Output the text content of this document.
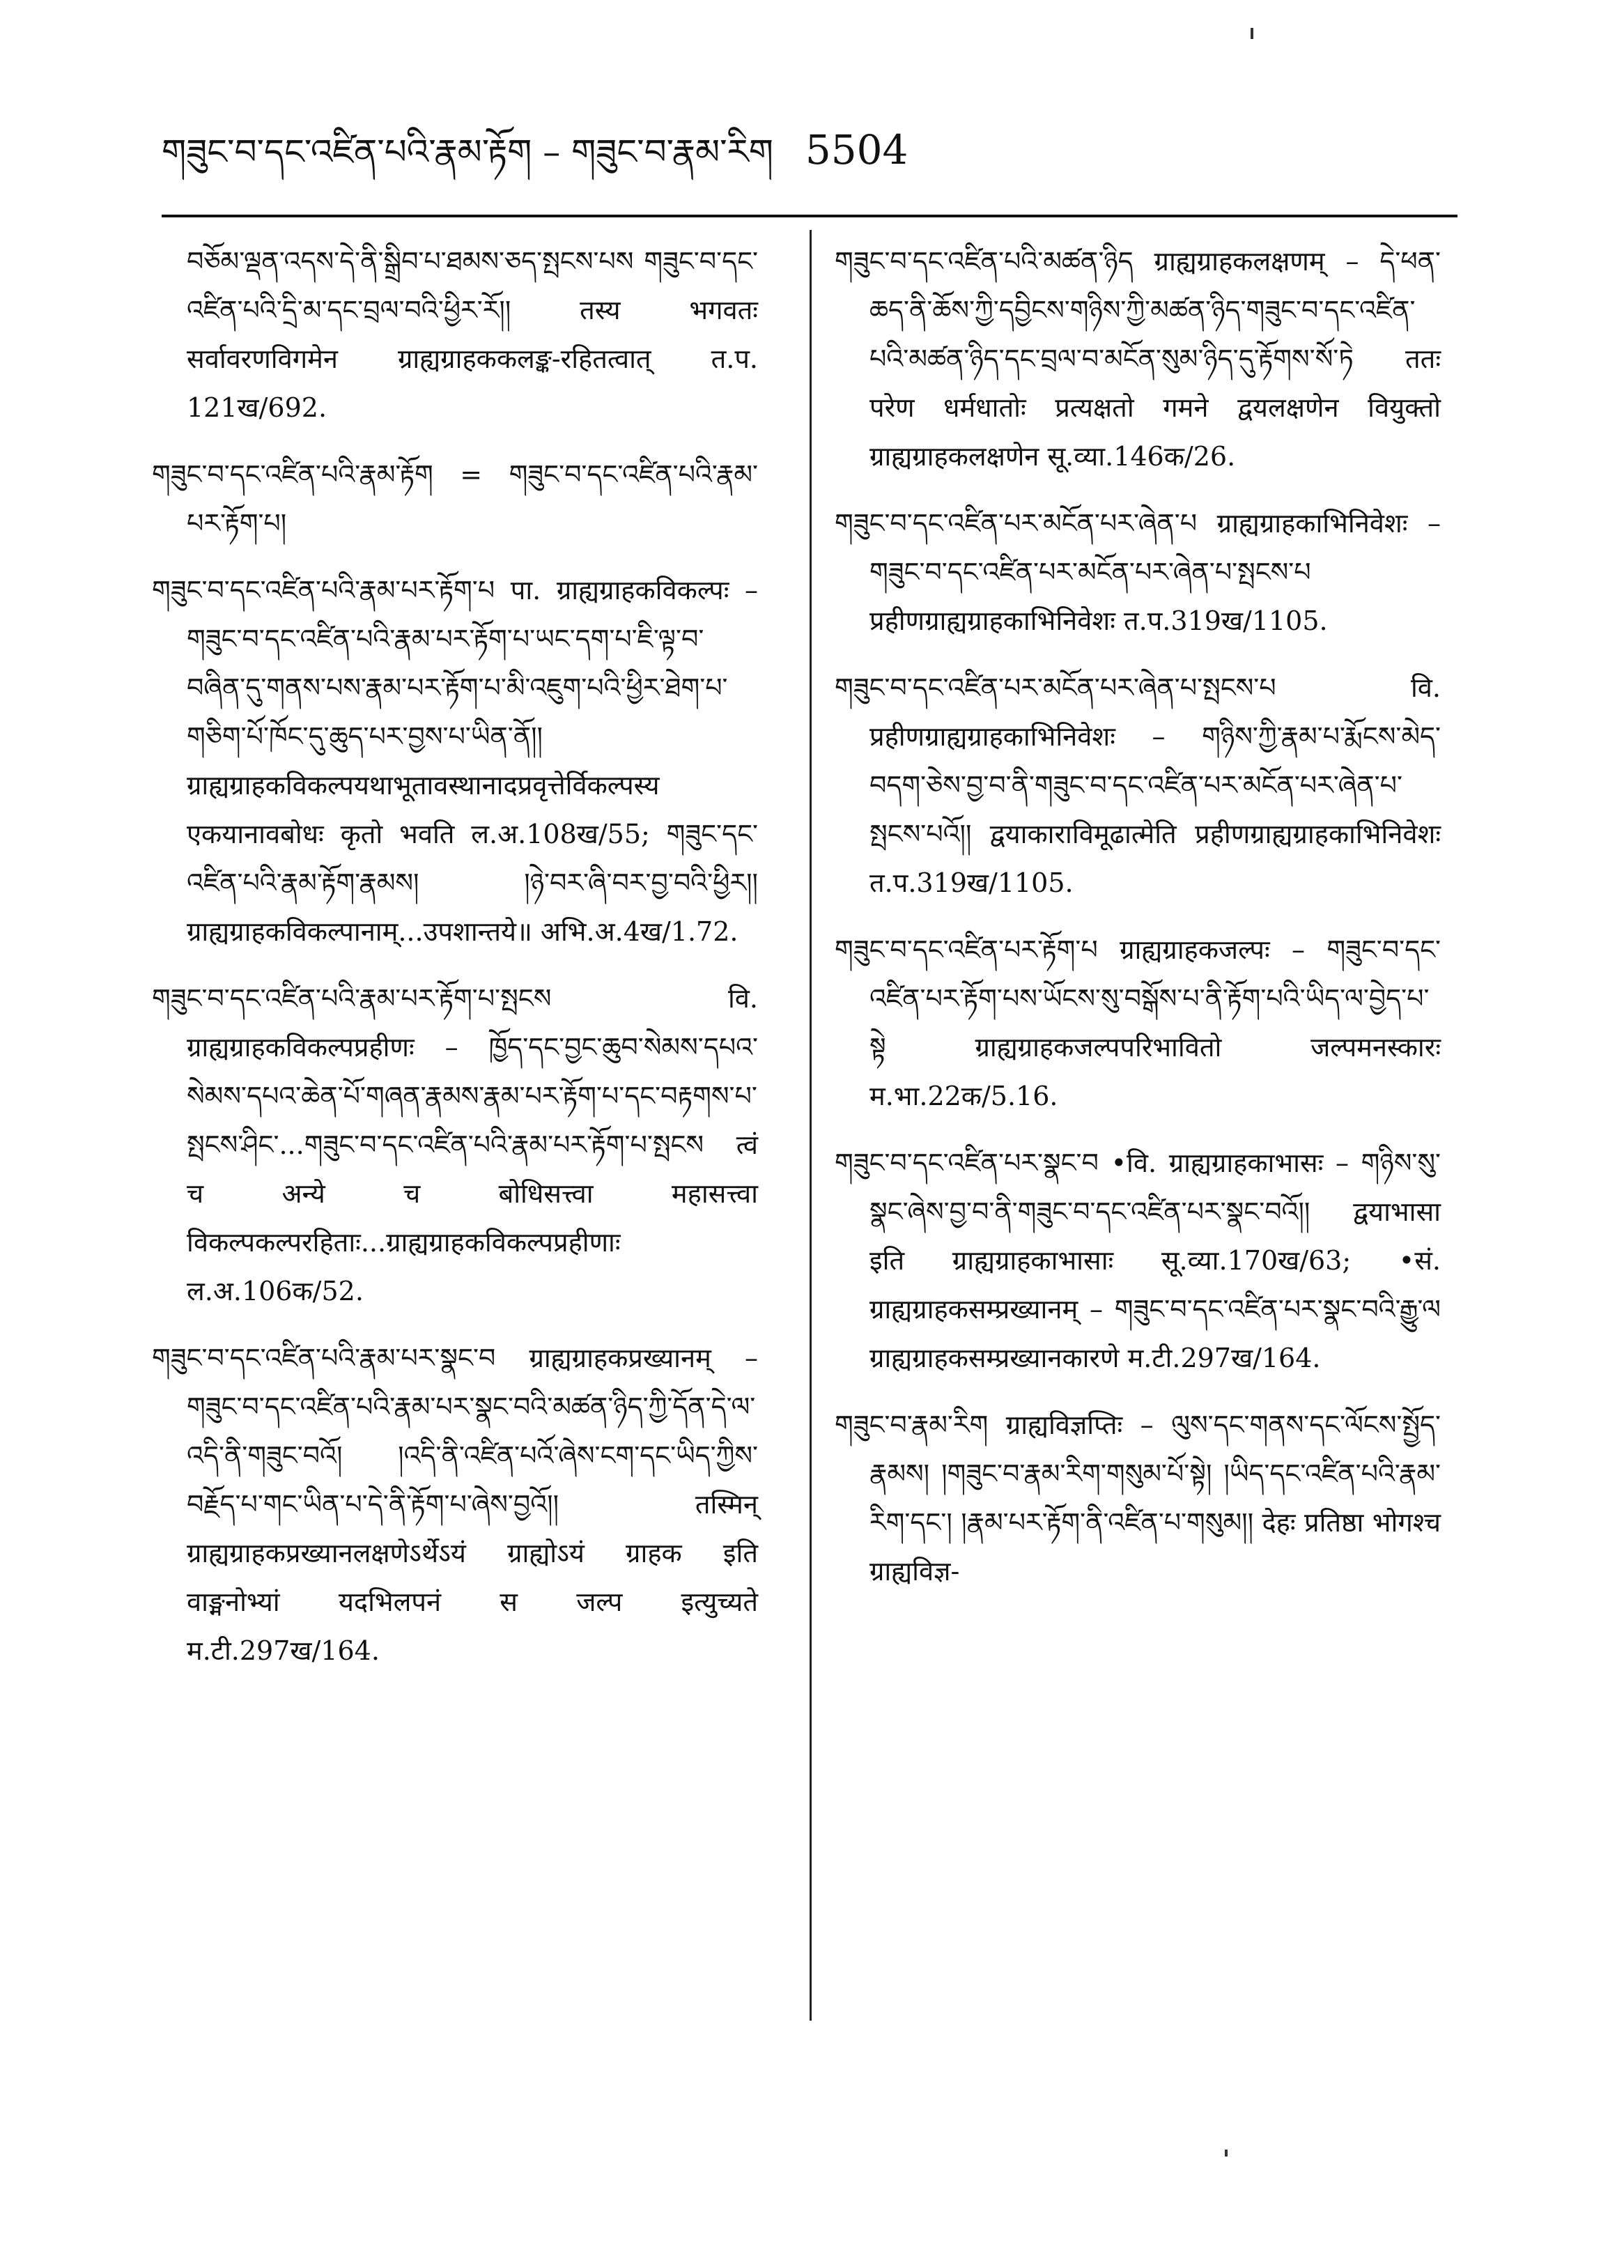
གཟུང་བ་དང་འཛིན་པའི་རྣམ་རྟོག – གཟུང་བ་རྣམ་རིག 5504

བཅོམ་ལྡན་འདས་དེ་ནི་སྒྲིབ་པ་ཐམས་ཅད་སྤངས་པས གཟུང་བ་དང་འཛིན་པའི་དྲི་མ་དང་བྲལ་བའི་ཕྱིར་རོ།། तस्य भगवतः सर्वावरणविगमेन ग्राह्यग्राहककलङ्क-रहितत्वात् त.प. 121ख/692.

གཟུང་བ་དང་འཛིན་པའི་རྣམ་རྟོག = གཟུང་བ་དང་འཛིན་པའི་རྣམ་པར་རྟོག་པ།

གཟུང་བ་དང་འཛིན་པའི་རྣམ་པར་རྟོག་པ पा. ग्राह्यग्राहकविकल्पः – གཟུང་བ་དང་འཛིན་པའི་རྣམ་པར་རྟོག་པ་ཡང་དག་པ་ཇི་ལྟ་བ་བཞིན་དུ་གནས་པས་རྣམ་པར་རྟོག་པ་མི་འཇུག་པའི་ཕྱིར་ཐེག་པ་གཅིག་པོ་ཁོང་དུ་ཆུད་པར་བྱས་པ་ཡིན་ནོ།། ग्राह्यग्राहकविकल्पयथाभूतावस्थानादप्रवृत्तेर्विकल्पस्य एकयानावबोधः कृतो भवति ल.अ.108ख/55; གཟུང་དང་འཛིན་པའི་རྣམ་རྟོག་རྣམས། །ཉེ་བར་ཞི་བར་བྱ་བའི་ཕྱིར།། ग्राह्यग्राहकविकल्पानाम्...उपशान्तये॥ अभि.अ.4ख/1.72.

གཟུང་བ་དང་འཛིན་པའི་རྣམ་པར་རྟོག་པ་སྤངས वि. ग्राह्यग्राहकविकल्पप्रहीणः – ཁྱོད་དང་བྱང་ཆུབ་སེམས་དཔའ་སེམས་དཔའ་ཆེན་པོ་གཞན་རྣམས་རྣམ་པར་རྟོག་པ་དང་བརྟགས་པ་སྤངས་ཤིང་...གཟུང་བ་དང་འཛིན་པའི་རྣམ་པར་རྟོག་པ་སྤངས त्वं च अन्ये च बोधिसत्त्वा महासत्त्वा विकल्पकल्परहिताः...ग्राह्यग्राहकविकल्पप्रहीणाः ल.अ.106क/52.

གཟུང་བ་དང་འཛིན་པའི་རྣམ་པར་སྣང་བ ग्राह्यग्राहकप्रख्यानम् – གཟུང་བ་དང་འཛིན་པའི་རྣམ་པར་སྣང་བའི་མཚན་ཉིད་ཀྱི་དོན་དེ་ལ་འདི་ནི་གཟུང་བའོ། །འདི་ནི་འཛིན་པའོ་ཞེས་ངག་དང་ཡིད་ཀྱིས་བརྗོད་པ་གང་ཡིན་པ་དེ་ནི་རྟོག་པ་ཞེས་བྱའོ།། तस्मिन् ग्राह्यग्राहकप्रख्यानलक्षणेऽर्थेऽयं ग्राह्योऽयं ग्राहक इति वाङ्मनोभ्यां यदभिलपनं स जल्प इत्युच्यते म.टी.297ख/164.

གཟུང་བ་དང་འཛིན་པའི་མཚན་ཉིད ग्राह्यग्राहकलक्षणम् – དེ་ཕན་ཆད་ནི་ཆོས་ཀྱི་དབྱིངས་གཉིས་ཀྱི་མཚན་ཉིད་གཟུང་བ་དང་འཛིན་པའི་མཚན་ཉིད་དང་བྲལ་བ་མངོན་སུམ་ཉིད་དུ་རྟོགས་སོ་ཏེ ततः परेण धर्मधातोः प्रत्यक्षतो गमने द्वयलक्षणेन वियुक्तो ग्राह्यग्राहकलक्षणेन सू.व्या.146क/26.

གཟུང་བ་དང་འཛིན་པར་མངོན་པར་ཞེན་པ ग्राह्यग्राहकाभिनिवेशः – གཟུང་བ་དང་འཛིན་པར་མངོན་པར་ཞེན་པ་སྤངས་པ प्रहीणग्राह्यग्राहकाभिनिवेशः त.प.319ख/1105.

གཟུང་བ་དང་འཛིན་པར་མངོན་པར་ཞེན་པ་སྤངས་པ वि. प्रहीणग्राह्यग्राहकाभिनिवेशः – གཉིས་ཀྱི་རྣམ་པ་རྨོངས་མེད་བདག་ཅེས་བྱ་བ་ནི་གཟུང་བ་དང་འཛིན་པར་མངོན་པར་ཞེན་པ་སྤངས་པའོ།། द्वयाकाराविमूढात्मेति प्रहीणग्राह्यग्राहकाभिनिवेशः त.प.319ख/1105.

གཟུང་བ་དང་འཛིན་པར་རྟོག་པ ग्राह्यग्राहकजल्पः – གཟུང་བ་དང་འཛིན་པར་རྟོག་པས་ཡོངས་སུ་བསྒོས་པ་ནི་རྟོག་པའི་ཡིད་ལ་བྱེད་པ་སྟེ ग्राह्यग्राहकजल्पपरिभावितो जल्पमनस्कारः म.भा.22क/5.16.

གཟུང་བ་དང་འཛིན་པར་སྣང་བ •वि. ग्राह्यग्राहकाभासः – གཉིས་སུ་སྣང་ཞེས་བྱ་བ་ནི་གཟུང་བ་དང་འཛིན་པར་སྣང་བའོ།། द्वयाभासा इति ग्राह्यग्राहकाभासाः सू.व्या.170ख/63; •सं. ग्राह्यग्राहकसम्प्रख्यानम् – གཟུང་བ་དང་འཛིན་པར་སྣང་བའི་རྒྱུ་ལ ग्राह्यग्राहकसम्प्रख्यानकारणे म.टी.297ख/164.

གཟུང་བ་རྣམ་རིག ग्राह्यविज्ञप्तिः – ལུས་དང་གནས་དང་ལོངས་སྤྱོད་རྣམས། །གཟུང་བ་རྣམ་རིག་གསུམ་པོ་སྟེ། །ཡིད་དང་འཛིན་པའི་རྣམ་རིག་དང་། །རྣམ་པར་རྟོག་ནི་འཛིན་པ་གསུམ།། देहः प्रतिष्ठा भोगश्च ग्राह्यविज्ञ-
